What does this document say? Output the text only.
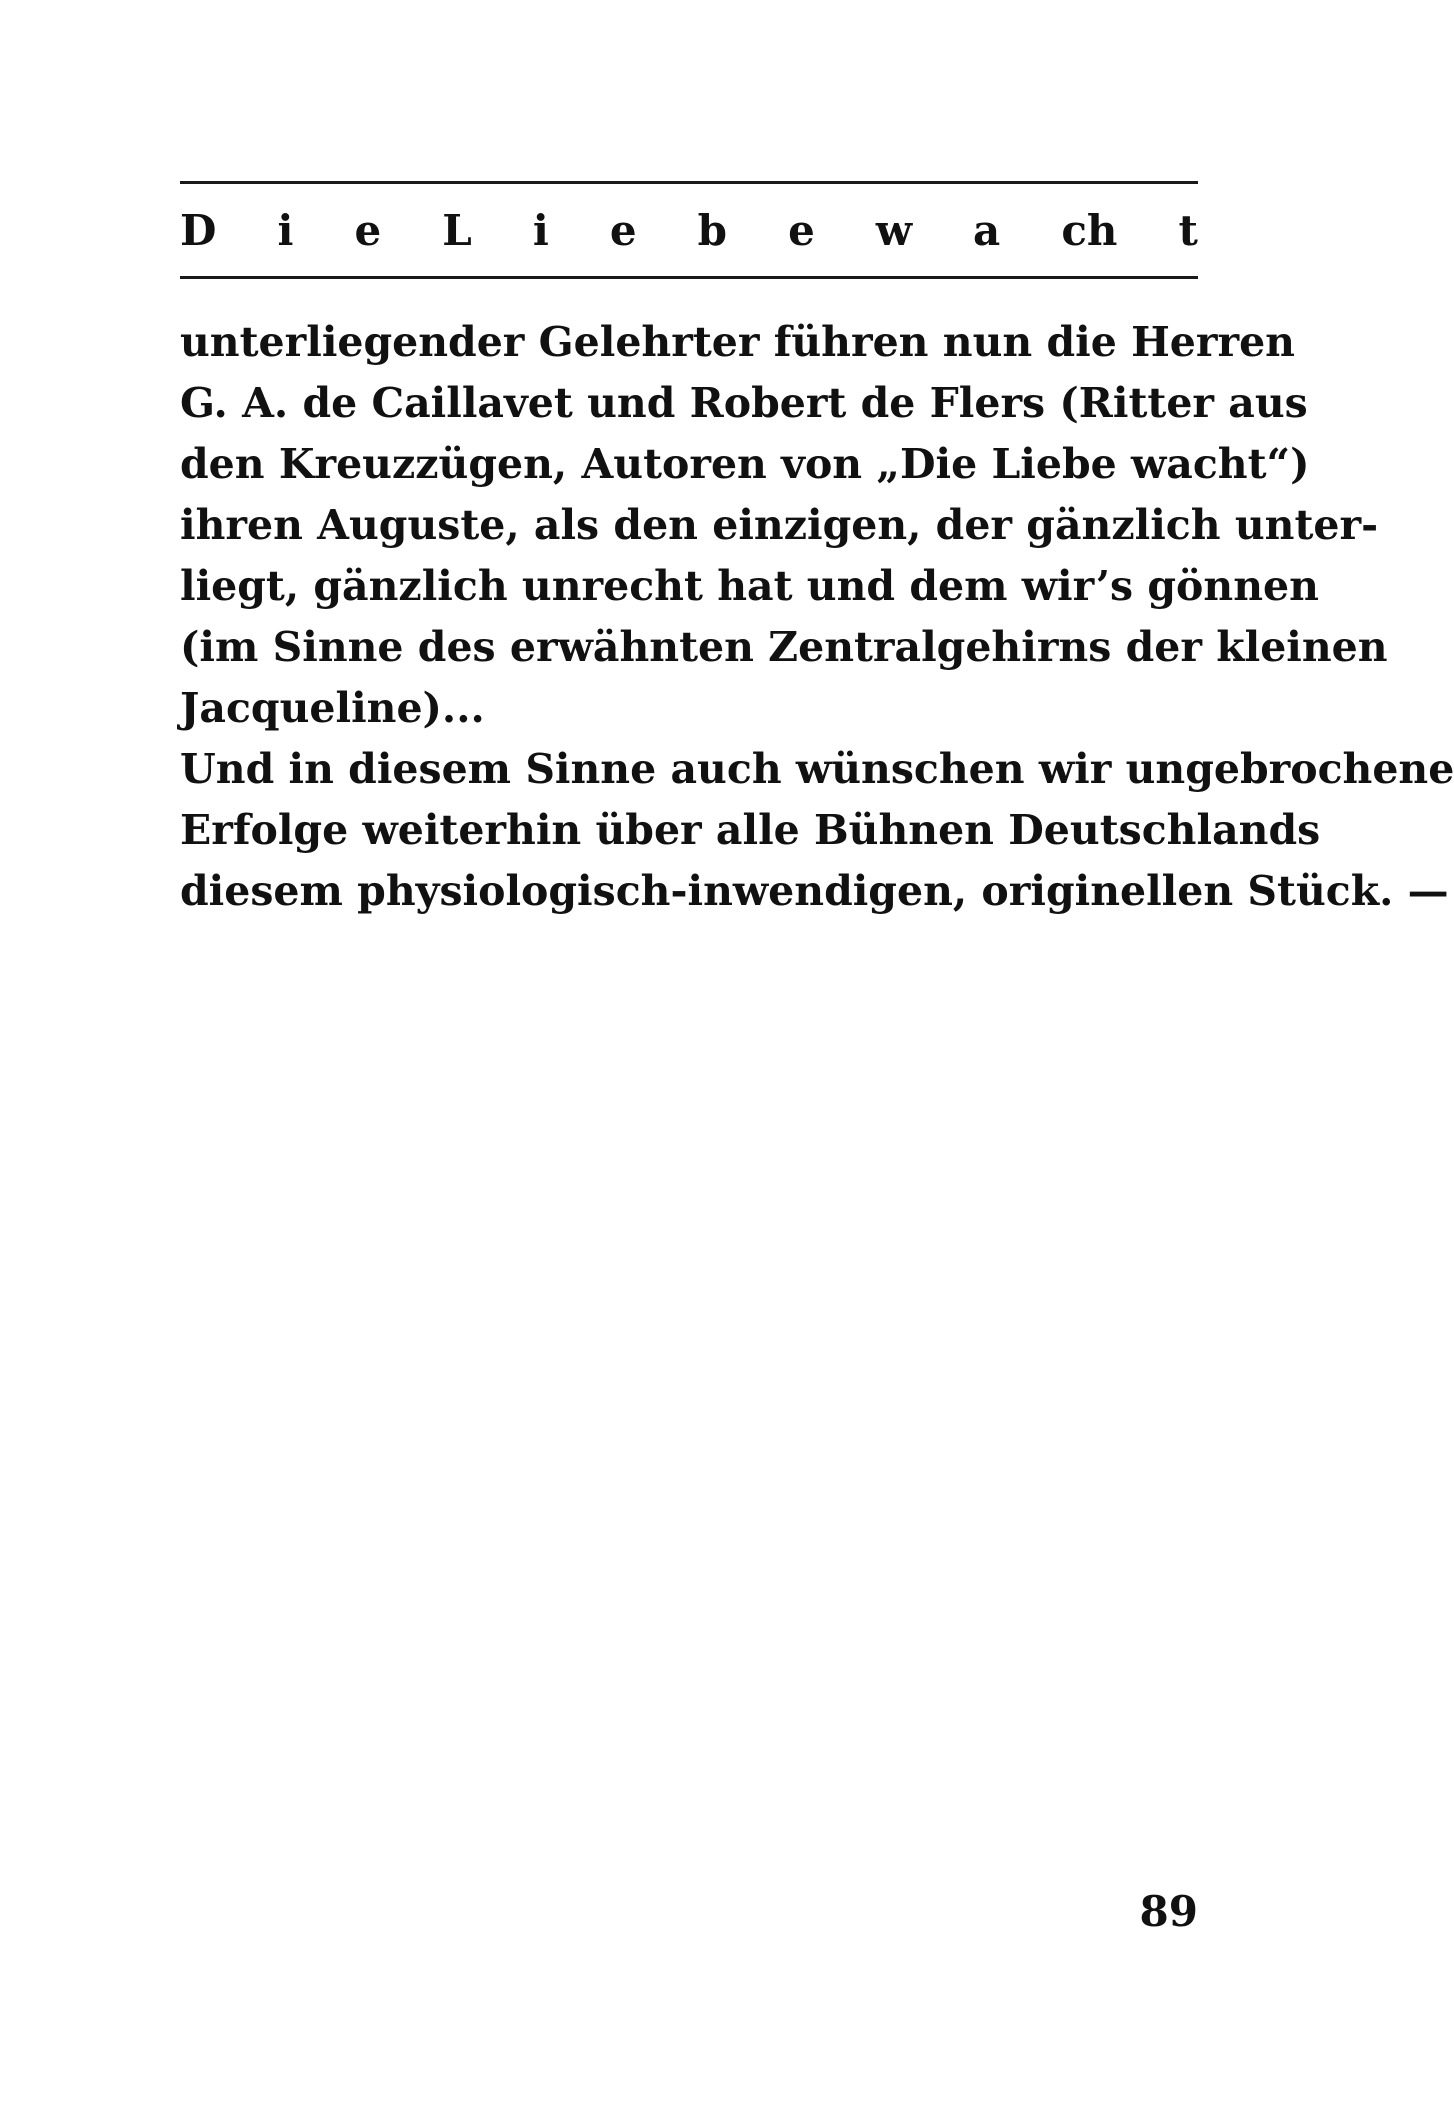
D i e L i e b e w a ch t
unterliegender Gelehrter führen nun die Herren
G. A. de Caillavet und Robert de Flers (Ritter aus
den Kreuzzügen, Autoren von „Die Liebe wacht“)
ihren Auguste, als den einzigen, der gänzlich unter-
liegt, gänzlich unrecht hat und dem wir’s gönnen
(im Sinne des erwähnten Zentralgehirns der kleinen
Jacqueline)...
Und in diesem Sinne auch wünschen wir ungebrochene
Erfolge weiterhin über alle Bühnen Deutschlands
diesem physiologisch-inwendigen, originellen Stück. —
89
